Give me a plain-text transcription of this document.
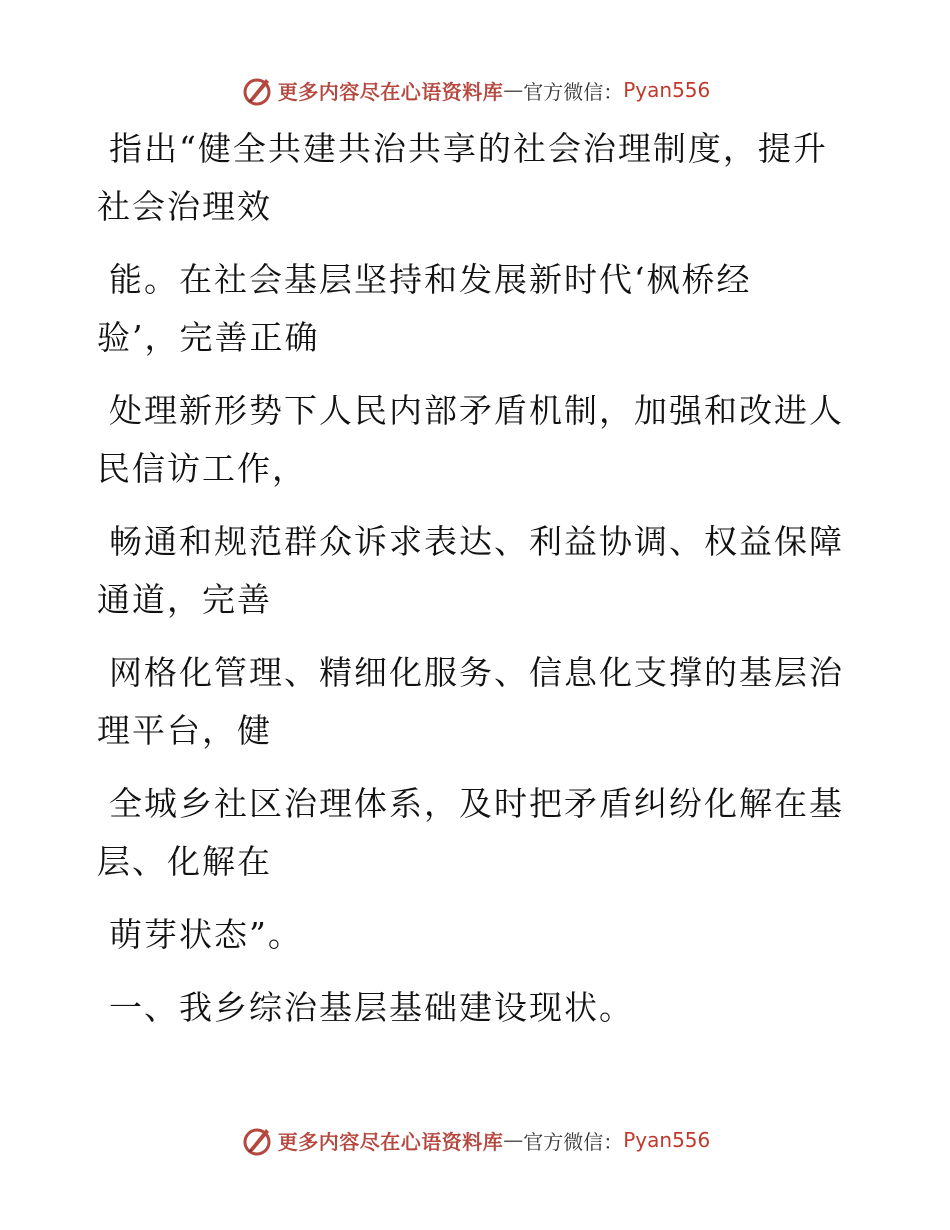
更多内容尽在心语资料库 — 官方微信： Pyan556

指出“健全共建共治共享的社会治理制度，提升
社会治理效

能。在社会基层坚持和发展新时代‘枫桥经
验’，完善正确

处理新形势下人民内部矛盾机制，加强和改进人
民信访工作，

畅通和规范群众诉求表达、利益协调、权益保障
通道，完善

网格化管理、精细化服务、信息化支撑的基层治
理平台，健

全城乡社区治理体系，及时把矛盾纠纷化解在基
层、化解在

萌芽状态”。

一、我乡综治基层基础建设现状。

更多内容尽在心语资料库 — 官方微信： Pyan556
